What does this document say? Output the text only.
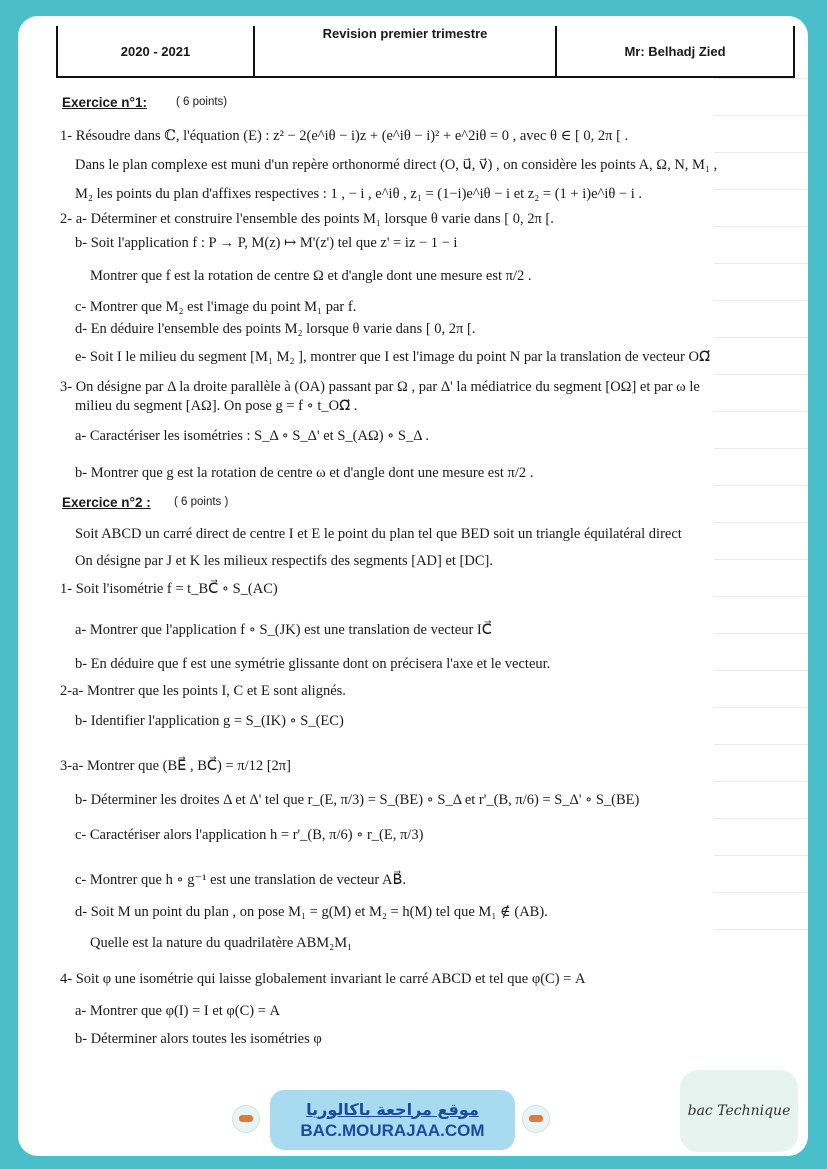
2020 - 2021
Revision premier trimestre
Mr: Belhadj Zied
Exercice n°1:	( 6 points)
1- Résoudre dans ℂ, l'équation (E) : z² − 2(e^iθ − i)z + (e^iθ − i)² + e^2iθ = 0 , avec θ ∈ [ 0, 2π [ .
Dans le plan complexe est muni d'un repère orthonormé direct (O, u⃗, v⃗) , on considère les points A, Ω, N, M₁ ,
M₂ les points du plan d'affixes respectives : 1 , − i , e^iθ , z₁ = (1−i)e^iθ − i et z₂ = (1 + i)e^iθ − i .
2- a- Déterminer et construire l'ensemble des points M₁ lorsque θ varie dans [ 0, 2π [.
b- Soit l'application f : P → P, M(z) ↦ M'(z') tel que z' = iz − 1 − i
Montrer que f est la rotation de centre Ω et d'angle dont une mesure est π/2 .
c- Montrer que M₂ est l'image du point M₁ par f.
d- En déduire l'ensemble des points M₂ lorsque θ varie dans [ 0, 2π [.
e- Soit I le milieu du segment [M₁ M₂ ], montrer que I est l'image du point N par la translation de vecteur OΩ⃗
3- On désigne par Δ la droite parallèle à (OA) passant par Ω , par Δ' la médiatrice du segment [OΩ] et par ω le
milieu du segment [AΩ]. On pose g = f ∘ t_OΩ⃗ .
a- Caractériser les isométries : S_Δ ∘ S_Δ' et S_(AΩ) ∘ S_Δ .
b- Montrer que g est la rotation de centre ω et d'angle dont une mesure est π/2 .
Exercice n°2 : ( 6 points )
Soit ABCD un carré direct de centre I et E le point du plan tel que BED soit un triangle équilatéral direct
On désigne par J et K les milieux respectifs des segments [AD] et [DC].
1- Soit l'isométrie f = t_BC⃗ ∘ S_(AC)
a- Montrer que l'application f ∘ S_(JK) est une translation de vecteur IC⃗
b- En déduire que f est une symétrie glissante dont on précisera l'axe et le vecteur.
2-a- Montrer que les points I, C et E sont alignés.
b- Identifier l'application g = S_(IK) ∘ S_(EC)
3-a- Montrer que (BE⃗ , BC⃗) = π/12 [2π]
b- Déterminer les droites Δ et Δ' tel que r_(E, π/3) = S_(BE) ∘ S_Δ et r'_(B, π/6) = S_Δ' ∘ S_(BE)
c- Caractériser alors l'application h = r'_(B, π/6) ∘ r_(E, π/3)
c- Montrer que h ∘ g⁻¹ est une translation de vecteur AB⃗.
d- Soit M un point du plan , on pose M₁ = g(M) et M₂ = h(M) tel que M₁ ∉ (AB).
Quelle est la nature du quadrilatère ABM₂M₁
4- Soit φ une isométrie qui laisse globalement invariant le carré ABCD et tel que φ(C) = A
a- Montrer que φ(I) = I et φ(C) = A
b- Déterminer alors toutes les isométries φ
موقع مراجعة باكالوريا
BAC.MOURAJAA.COM
bac Technique
